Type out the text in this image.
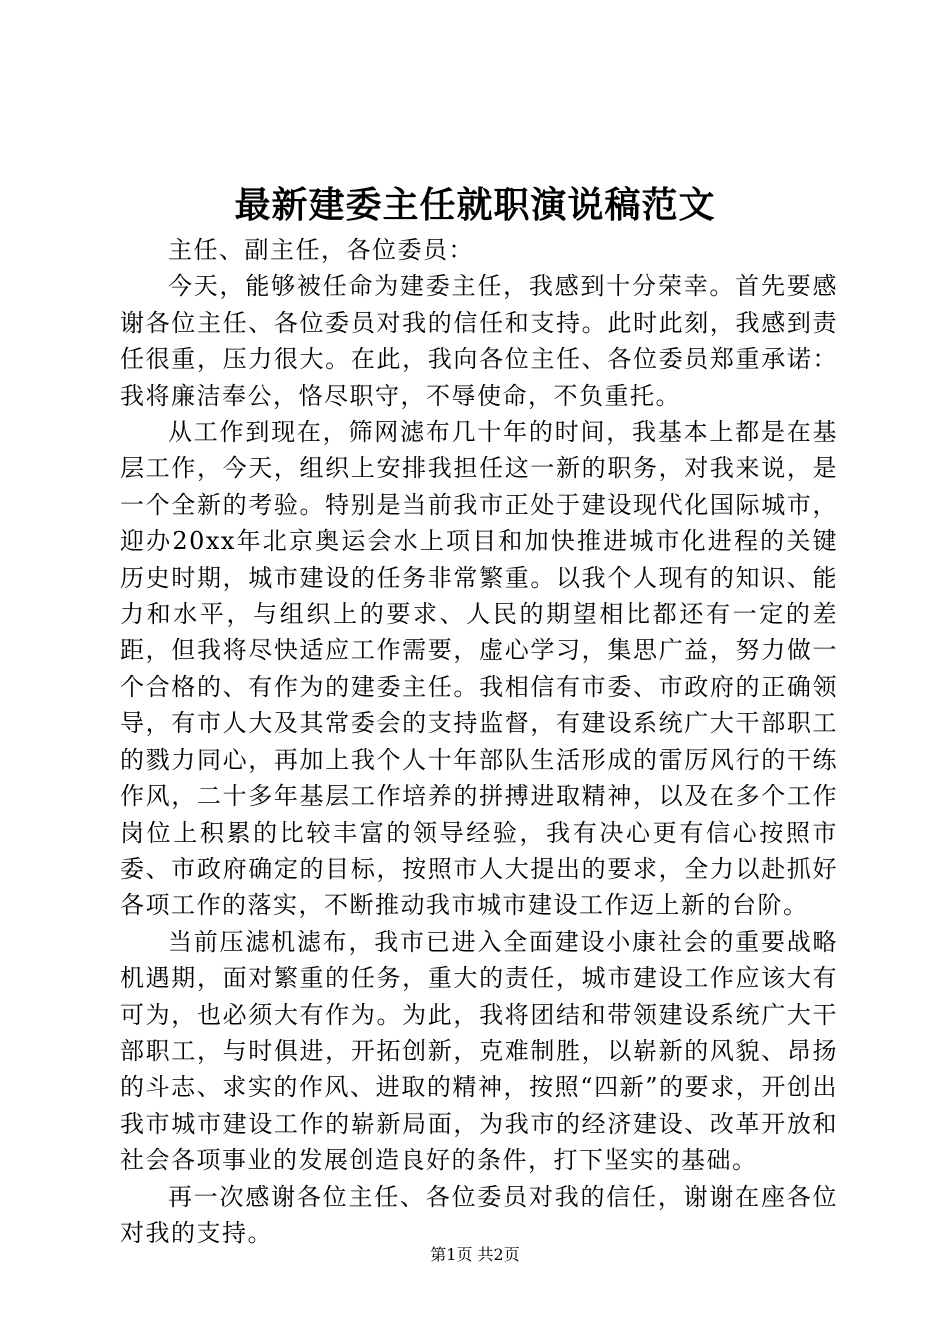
最新建委主任就职演说稿范文

主任、副主任，各位委员：

今天，能够被任命为建委主任，我感到十分荣幸。首先要感谢各位主任、各位委员对我的信任和支持。此时此刻，我感到责任很重，压力很大。在此，我向各位主任、各位委员郑重承诺：我将廉洁奉公，恪尽职守，不辱使命，不负重托。

从工作到现在，筛网滤布几十年的时间，我基本上都是在基层工作，今天，组织上安排我担任这一新的职务，对我来说，是一个全新的考验。特别是当前我市正处于建设现代化国际城市，迎办20xx年北京奥运会水上项目和加快推进城市化进程的关键历史时期，城市建设的任务非常繁重。以我个人现有的知识、能力和水平，与组织上的要求、人民的期望相比都还有一定的差距，但我将尽快适应工作需要，虚心学习，集思广益，努力做一个合格的、有作为的建委主任。我相信有市委、市政府的正确领导，有市人大及其常委会的支持监督，有建设系统广大干部职工的戮力同心，再加上我个人十年部队生活形成的雷厉风行的干练作风，二十多年基层工作培养的拼搏进取精神，以及在多个工作岗位上积累的比较丰富的领导经验，我有决心更有信心按照市委、市政府确定的目标，按照市人大提出的要求，全力以赴抓好各项工作的落实，不断推动我市城市建设工作迈上新的台阶。

当前压滤机滤布，我市已进入全面建设小康社会的重要战略机遇期，面对繁重的任务，重大的责任，城市建设工作应该大有可为，也必须大有作为。为此，我将团结和带领建设系统广大干部职工，与时俱进，开拓创新，克难制胜，以崭新的风貌、昂扬的斗志、求实的作风、进取的精神，按照“四新”的要求，开创出我市城市建设工作的崭新局面，为我市的经济建设、改革开放和社会各项事业的发展创造良好的条件，打下坚实的基础。

再一次感谢各位主任、各位委员对我的信任，谢谢在座各位对我的支持。

第1页 共2页
